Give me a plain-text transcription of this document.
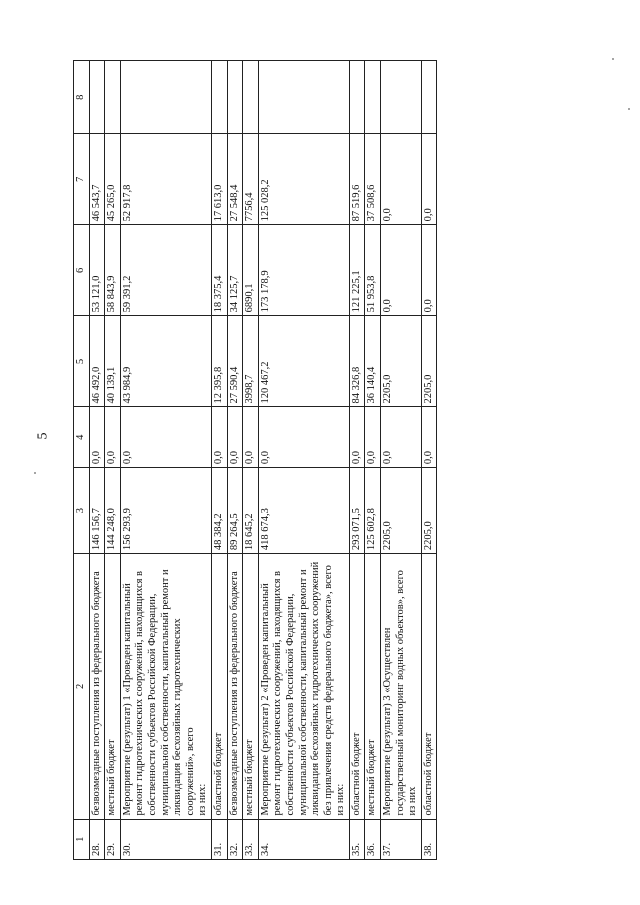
5
1	2	3	4	5	6	7	8
28.	безвозмездные поступления из федерального бюджета	146 156,7	0,0	46 492,0	53 121,0	46 543,7	
29.	местный бюджет	144 248,0	0,0	40 139,1	58 843,9	45 265,0	
30.	Мероприятие (результат) 1 «Проведен капитальный ремонт гидротехнических сооружений, находящихся в собственности субъектов Российской Федерации, муниципальной собственности, капитальный ремонт и ликвидация бесхозяйных гидротехнических сооружений», всего из них:	156 293,9	0,0	43 984,9	59 391,2	52 917,8	
31.	областной бюджет	48 384,2	0,0	12 395,8	18 375,4	17 613,0	
32.	безвозмездные поступления из федерального бюджета	89 264,5	0,0	27 590,4	34 125,7	27 548,4	
33.	местный бюджет	18 645,2	0,0	3998,7	6890,1	7756,4	
34.	Мероприятие (результат) 2 «Проведен капитальный ремонт гидротехнических сооружений, находящихся в собственности субъектов Российской Федерации, муниципальной собственности, капитальный ремонт и ликвидация бесхозяйных гидротехнических сооружений без привлечения средств федерального бюджета», всего из них:	418 674,3	0,0	120 467,2	173 178,9	125 028,2	
35.	областной бюджет	293 071,5	0,0	84 326,8	121 225,1	87 519,6	
36.	местный бюджет	125 602,8	0,0	36 140,4	51 953,8	37 508,6	
37.	Мероприятие (результат) 3 «Осуществлен государственный мониторинг водных объектов», всего из них	2205,0	0,0	2205,0	0,0	0,0	
38.	областной бюджет	2205,0	0,0	2205,0	0,0	0,0	
